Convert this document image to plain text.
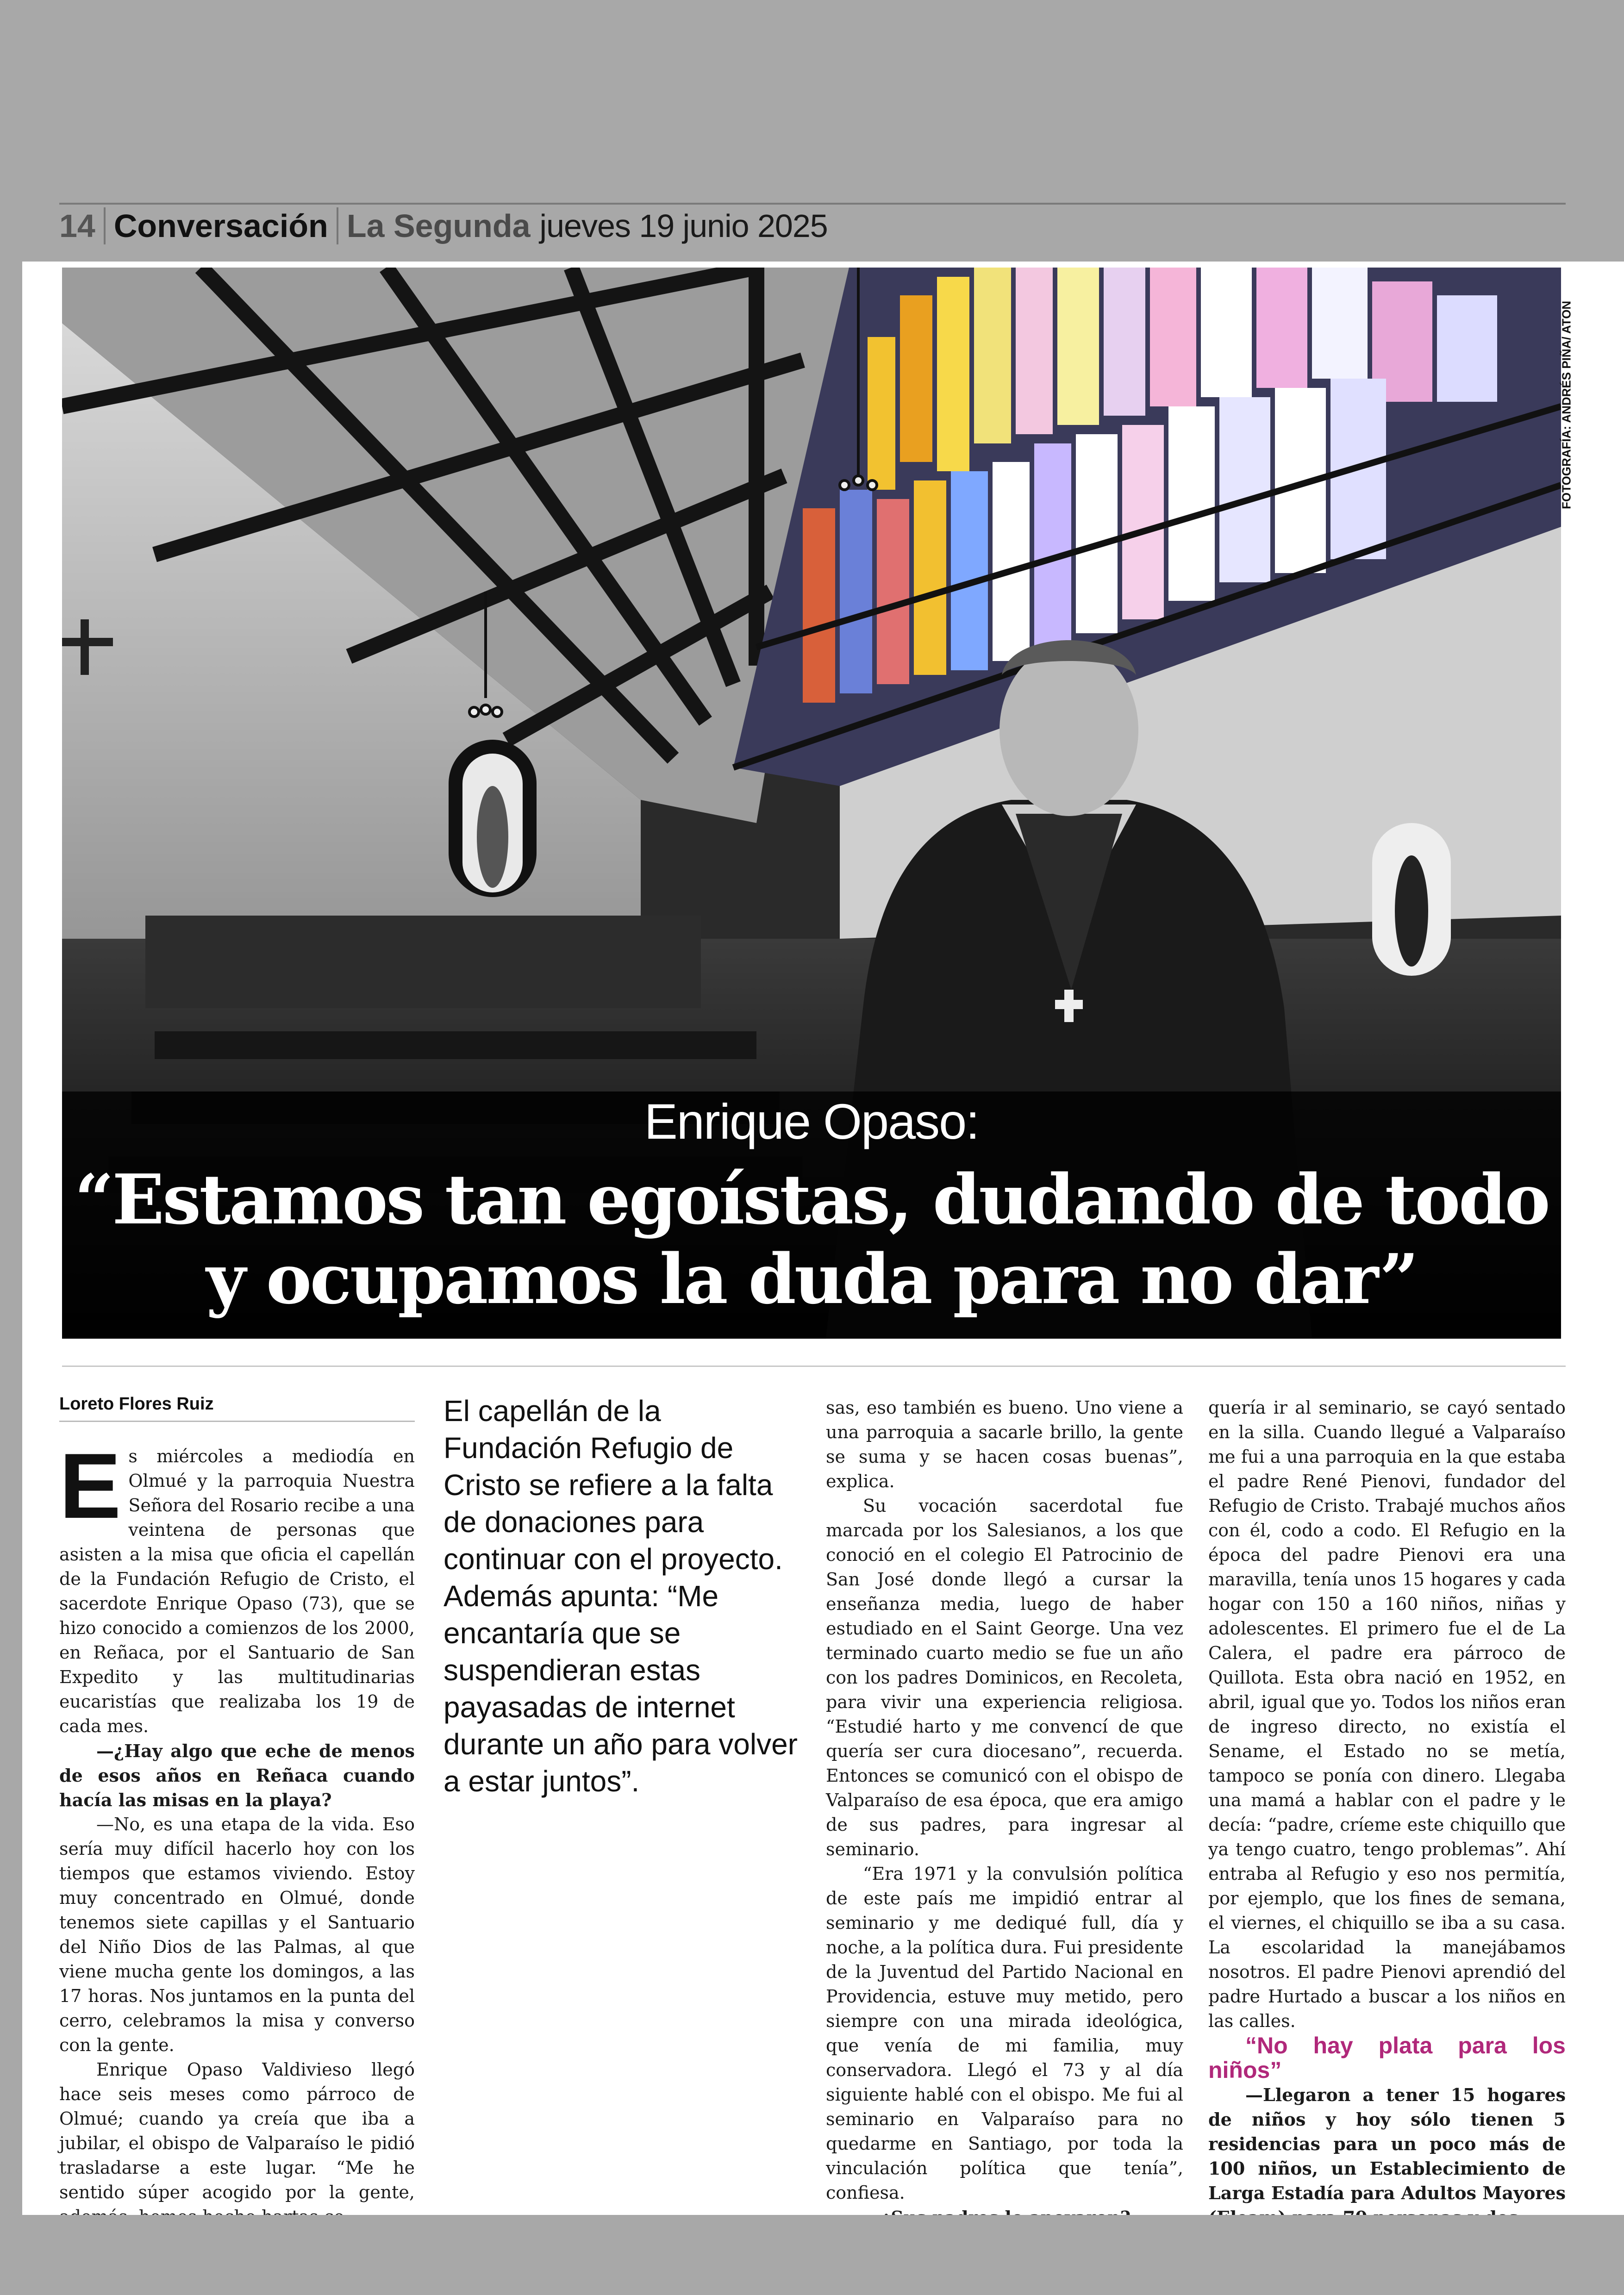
14 Conversación La Segunda jueves 19 junio 2025
FOTOGRAFÍA: ANDRÉS PIÑA/ ATON
Enrique Opaso:
“Estamos tan egoístas, dudando de todo
y ocupamos la duda para no dar”
Loreto Flores Ruiz

Es miércoles a mediodía en Olmué y la parroquia Nuestra Señora del Rosario recibe a una veintena de personas que asisten a la misa que oficia el capellán de la Fundación Refugio de Cristo, el sacerdote Enrique Opaso (73), que se hizo conocido a comienzos de los 2000, en Reñaca, por el Santuario de San Expedito y las multitudinarias eucaristías que realizaba los 19 de cada mes.

—¿Hay algo que eche de menos de esos años en Reñaca cuando hacía las misas en la playa?

—No, es una etapa de la vida. Eso sería muy difícil hacerlo hoy con los tiempos que estamos viviendo. Estoy muy concentrado en Olmué, donde tenemos siete capillas y el Santuario del Niño Dios de las Palmas, al que viene mucha gente los domingos, a las 17 horas. Nos juntamos en la punta del cerro, celebramos la misa y converso con la gente.

Enrique Opaso Valdivieso llegó hace seis meses como párroco de Olmué; cuando ya creía que iba a jubilar, el obispo de Valparaíso le pidió trasladarse a este lugar. “Me he sentido súper acogido por la gente,

El capellán de la Fundación Refugio de Cristo se refiere a la falta de donaciones para continuar con el proyecto. Además apunta: “Me encantaría que se suspendieran estas payasadas de internet durante un año para volver a estar juntos”.

sas, eso también es bueno. Uno viene a una parroquia a sacarle brillo, la gente se suma y se hacen cosas buenas”, explica.

Su vocación sacerdotal fue marcada por los Salesianos, a los que conoció en el colegio El Patrocinio de San José donde llegó a cursar la enseñanza media, luego de haber estudiado en el Saint George. Una vez terminado cuarto medio se fue un año con los padres Dominicos, en Recoleta, para vivir una experiencia religiosa. “Estudié harto y me convencí de que quería ser cura diocesano”, recuerda. Entonces se comunicó con el obispo de Valparaíso de esa época, que era amigo de sus padres, para ingresar al seminario.

“Era 1971 y la convulsión política de este país me impidió entrar al seminario y me dediqué full, día y noche, a la política dura. Fui presidente de la Juventud del Partido Nacional en Providencia, estuve muy metido, pero siempre con una mirada ideológica, que venía de mi familia, muy conservadora. Llegó el 73 y al día siguiente hablé con el obispo. Me fui al seminario en Valparaíso para no quedarme en Santiago, por toda la vinculación política que tenía”, confiesa.

quería ir al seminario, se cayó sentado en la silla. Cuando llegué a Valparaíso me fui a una parroquia en la que estaba el padre René Pienovi, fundador del Refugio de Cristo. Trabajé muchos años con él, codo a codo. El Refugio en la época del padre Pienovi era una maravilla, tenía unos 15 hogares y cada hogar con 150 a 160 niños, niñas y adolescentes. El primero fue el de La Calera, el padre era párroco de Quillota. Esta obra nació en 1952, en abril, igual que yo. Todos los niños eran de ingreso directo, no existía el Sename, el Estado no se metía, tampoco se ponía con dinero. Llegaba una mamá a hablar con el padre y le decía: “padre, críeme este chiquillo que ya tengo cuatro, tengo problemas”. Ahí entraba al Refugio y eso nos permitía, por ejemplo, que los fines de semana, el viernes, el chiquillo se iba a su casa. La escolaridad la manejábamos nosotros. El padre Pienovi aprendió del padre Hurtado a buscar a los niños en las calles.

“No hay plata para los niños”

—Llegaron a tener 15 hogares de niños y hoy sólo tienen 5 residencias para un poco más de 100 niños, un Establecimiento de Larga Estadía para Adultos Mayores
